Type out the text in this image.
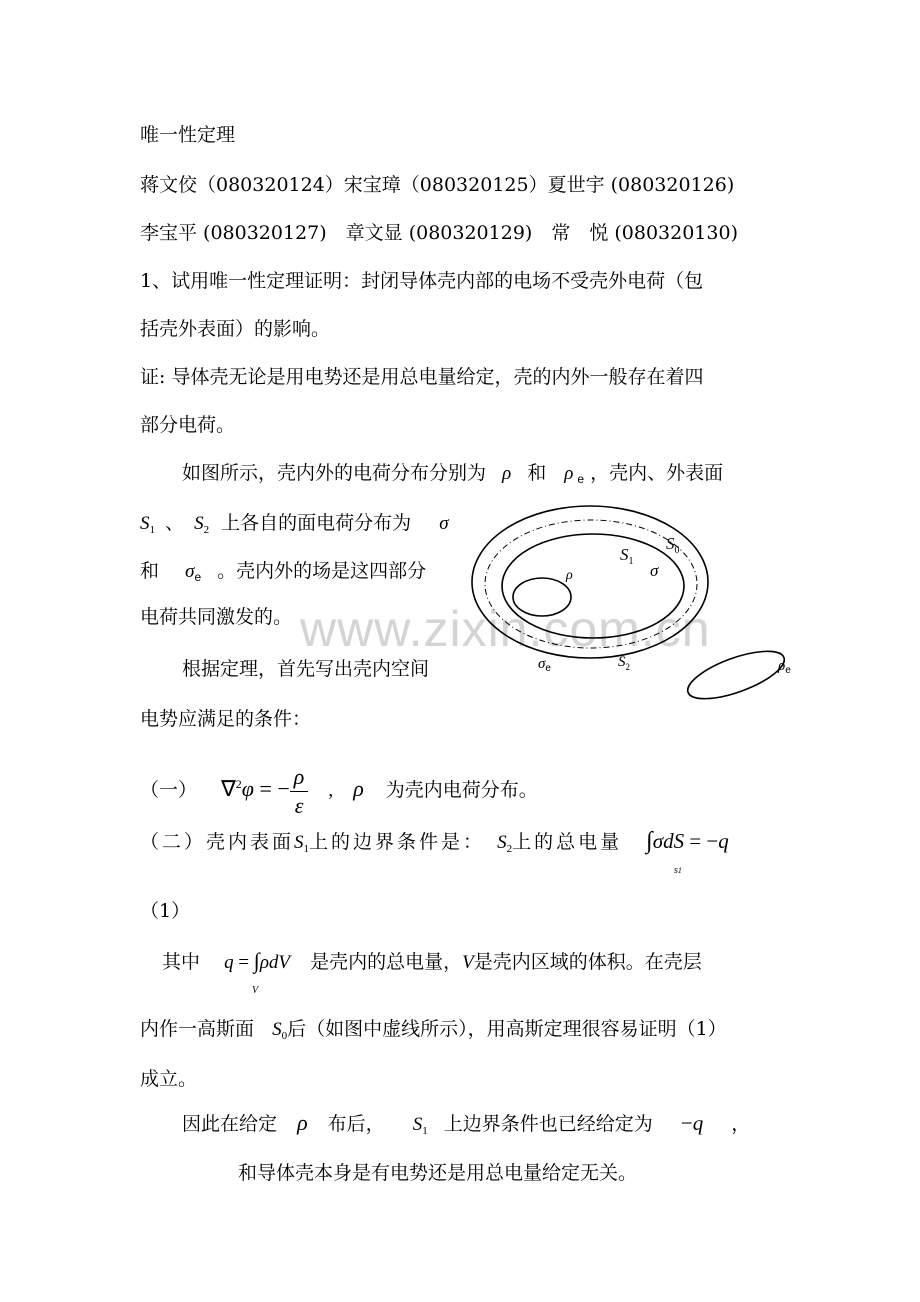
www.zixin.com.cn
唯一性定理
蒋文佼（080320124）宋宝璋（080320125）夏世宇 (080320126)
李宝平 (080320127)　章文显 (080320129)　常　悦 (080320130)
1、试用唯一性定理证明：封闭导体壳内部的电场不受壳外电荷（包
括壳外表面）的影响。
证: 导体壳无论是用电势还是用总电量给定，壳的内外一般存在着四
部分电荷。
如图所示，壳内外的电荷分布分别为 ρ 和 ρ $_e$ ，壳内、外表面
$S_1$ 、 $S_2$ 上各自的面电荷分布为 σ
和 $\sigma_e$ 。壳内外的场是这四部分
电荷共同激发的。
根据定理，首先写出壳内空间
电势应满足的条件：
（一） ∇$^2$φ = − $\frac{\rho}{\varepsilon}$ , ρ 为壳内电荷分布。
（二）壳内表面$S_1$上的边界条件是： $S_2$上的总电量 ∫σdS = −q
s1
（1）
其中 q = ∫ρdV 是壳内的总电量，V是壳内区域的体积。在壳层
V
内作一高斯面 $S_0$后（如图中虚线所示），用高斯定理很容易证明（1）
成立。
因此在给定 ρ 布后， $S_1$ 上边界条件也已经给定为 −q ，
和导体壳本身是有电势还是用总电量给定无关。
$S_1$
$S_0$
σ
ρ
$\sigma_e$	$S_2$	$\rho_e$
